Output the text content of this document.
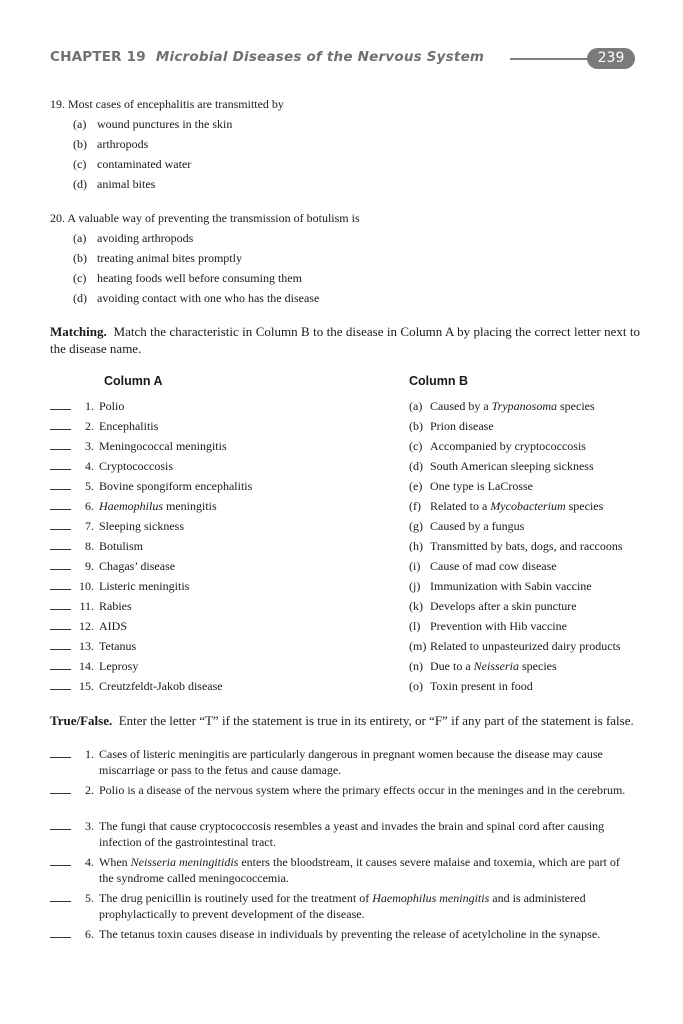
CHAPTER 19 Microbial Diseases of the Nervous System	239
19. Most cases of encephalitis are transmitted by
(a) wound punctures in the skin
(b) arthropods
(c) contaminated water
(d) animal bites
20. A valuable way of preventing the transmission of botulism is
(a) avoiding arthropods
(b) treating animal bites promptly
(c) heating foods well before consuming them
(d) avoiding contact with one who has the disease
Matching. Match the characteristic in Column B to the disease in Column A by placing the correct letter next to the disease name.
Column A	Column B
1. Polio	(a) Caused by a Trypanosoma species
2. Encephalitis	(b) Prion disease
3. Meningococcal meningitis	(c) Accompanied by cryptococcosis
4. Cryptococcosis	(d) South American sleeping sickness
5. Bovine spongiform encephalitis	(e) One type is LaCrosse
6. Haemophilus meningitis	(f) Related to a Mycobacterium species
7. Sleeping sickness	(g) Caused by a fungus
8. Botulism	(h) Transmitted by bats, dogs, and raccoons
9. Chagas’ disease	(i) Cause of mad cow disease
10. Listeric meningitis	(j) Immunization with Sabin vaccine
11. Rabies	(k) Develops after a skin puncture
12. AIDS	(l) Prevention with Hib vaccine
13. Tetanus	(m) Related to unpasteurized dairy products
14. Leprosy	(n) Due to a Neisseria species
15. Creutzfeldt-Jakob disease	(o) Toxin present in food
True/False. Enter the letter “T” if the statement is true in its entirety, or “F” if any part of the statement is false.
1. Cases of listeric meningitis are particularly dangerous in pregnant women because the disease may cause miscarriage or pass to the fetus and cause damage.
2. Polio is a disease of the nervous system where the primary effects occur in the meninges and in the cerebrum.
3. The fungi that cause cryptococcosis resembles a yeast and invades the brain and spinal cord after causing infection of the gastrointestinal tract.
4. When Neisseria meningitidis enters the bloodstream, it causes severe malaise and toxemia, which are part of the syndrome called meningococcemia.
5. The drug penicillin is routinely used for the treatment of Haemophilus meningitis and is administered prophylactically to prevent development of the disease.
6. The tetanus toxin causes disease in individuals by preventing the release of acetylcholine in the synapse.
